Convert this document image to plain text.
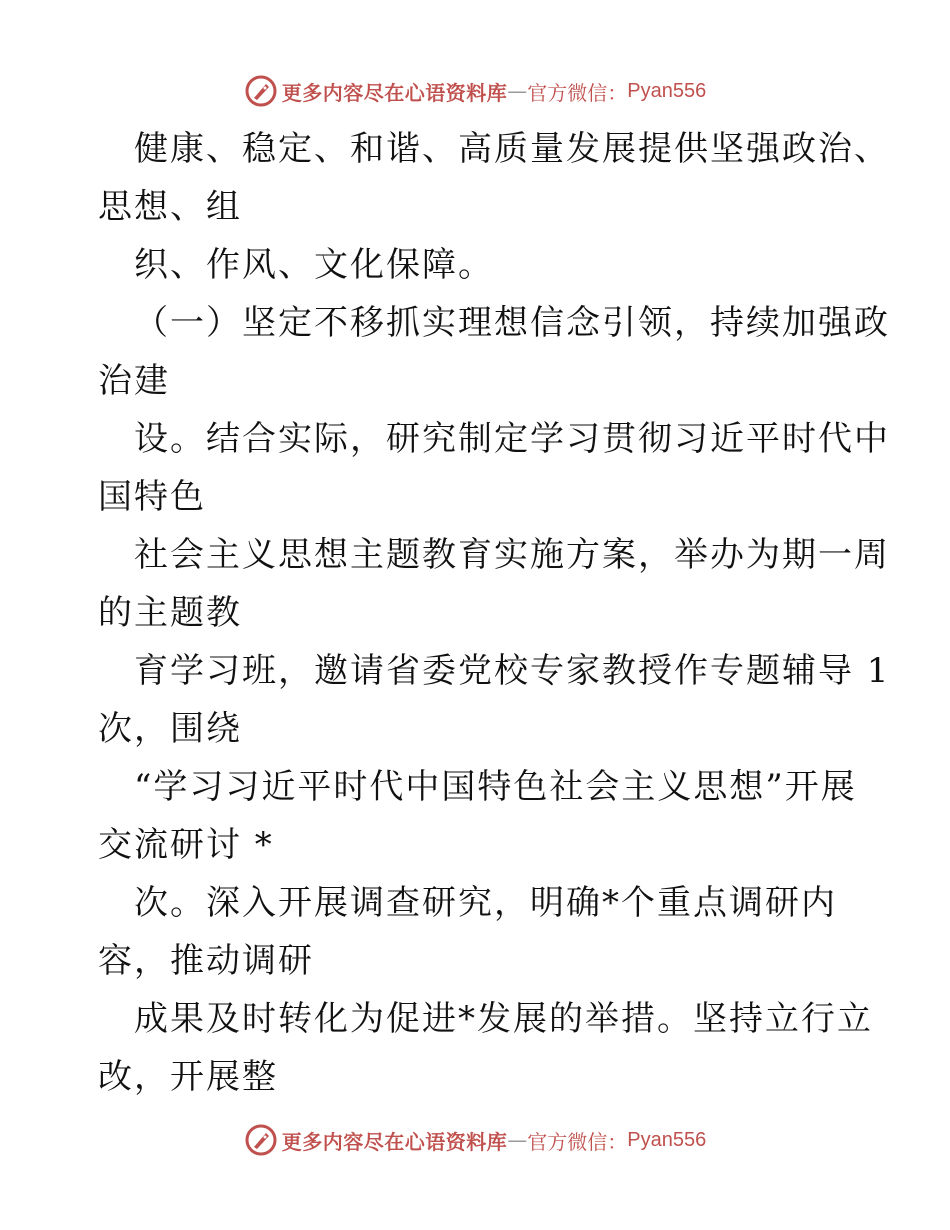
更多内容尽在心语资料库 — 官方微信： Pyan556
健康、稳定、和谐、高质量发展提供坚强政治、
思想、组
织、作风、文化保障。
（一）坚定不移抓实理想信念引领，持续加强政
治建
设。结合实际，研究制定学习贯彻习近平时代中
国特色
社会主义思想主题教育实施方案，举办为期一周
的主题教
育学习班，邀请省委党校专家教授作专题辅导 1
次，围绕
“学习习近平时代中国特色社会主义思想”开展
交流研讨 *
次。深入开展调查研究，明确*个重点调研内
容，推动调研
成果及时转化为促进*发展的举措。坚持立行立
改，开展整
更多内容尽在心语资料库 — 官方微信： Pyan556
